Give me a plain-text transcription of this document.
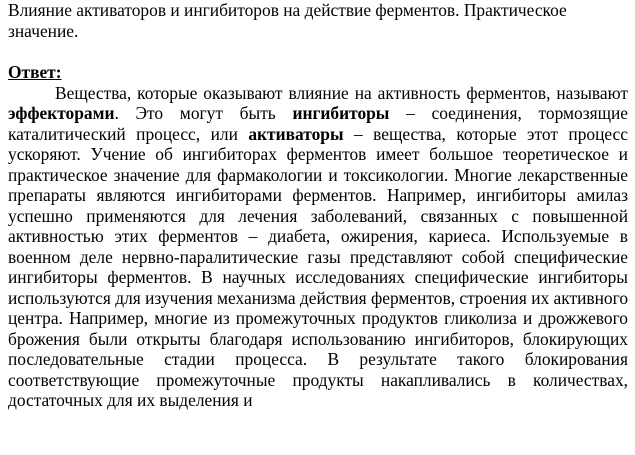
Влияние активаторов и ингибиторов на действие ферментов. Практическое значение.

Ответ:

Вещества, которые оказывают влияние на активность ферментов, называют эффекторами. Это могут быть ингибиторы – соединения, тормозящие каталитический процесс, или активаторы – вещества, которые этот процесс ускоряют. Учение об ингибиторах ферментов имеет большое теоретическое и практическое значение для фармакологии и токсикологии. Многие лекарственные препараты являются ингибиторами ферментов. Например, ингибиторы амилаз успешно применяются для лечения заболеваний, связанных с повышенной активностью этих ферментов – диабета, ожирения, кариеса. Используемые в военном деле нервно-паралитические газы представляют собой специфические ингибиторы ферментов. В научных исследованиях специфические ингибиторы используются для изучения механизма действия ферментов, строения их активного центра. Например, многие из промежуточных продуктов гликолиза и дрожжевого брожения были открыты благодаря использованию ингибиторов, блокирующих последовательные стадии процесса. В результате такого блокирования соответствующие промежуточные продукты накапливались в количествах, достаточных для их выделения и
